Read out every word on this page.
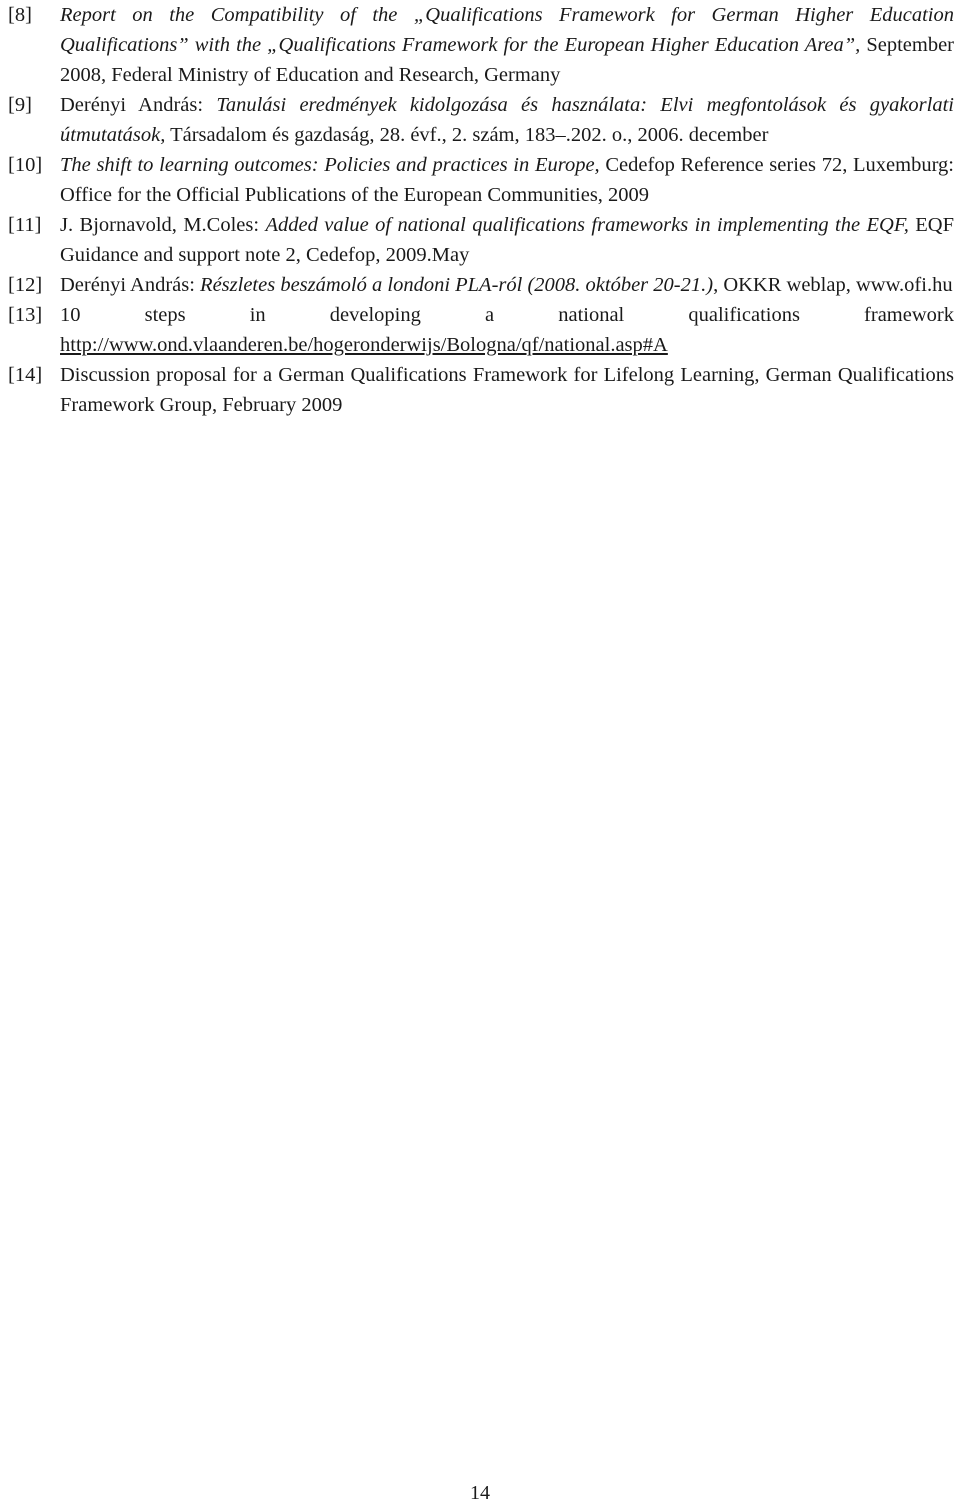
[8] Report on the Compatibility of the „Qualifications Framework for German Higher Education Qualifications” with the „Qualifications Framework for the European Higher Education Area”, September 2008, Federal Ministry of Education and Research, Germany

[9] Derényi András: Tanulási eredmények kidolgozása és használata: Elvi megfontolások és gyakorlati útmutatások, Társadalom és gazdaság, 28. évf., 2. szám, 183–.202. o., 2006. december

[10] The shift to learning outcomes: Policies and practices in Europe, Cedefop Reference series 72, Luxemburg: Office for the Official Publications of the European Communities, 2009

[11] J. Bjornavold, M.Coles: Added value of national qualifications frameworks in implementing the EQF, EQF Guidance and support note 2, Cedefop, 2009.May

[12] Derényi András: Részletes beszámoló a londoni PLA-ról (2008. október 20-21.), OKKR weblap, www.ofi.hu

[13] 10 steps in developing a national qualifications framework http://www.ond.vlaanderen.be/hogeronderwijs/Bologna/qf/national.asp#A

[14] Discussion proposal for a German Qualifications Framework for Lifelong Learning, German Qualifications Framework Group, February 2009

14
